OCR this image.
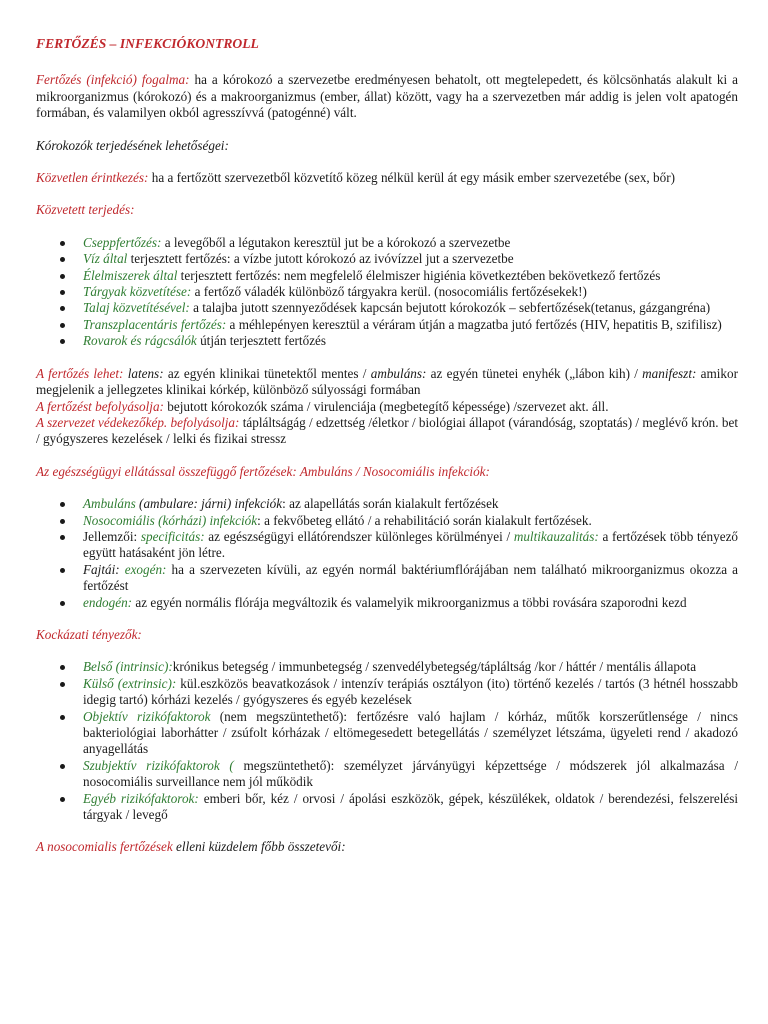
FERTŐZÉS – INFEKCIÓKONTROLL

Fertőzés (infekció) fogalma: ha a kórokozó a szervezetbe eredményesen behatolt, ott megtelepedett, és kölcsönhatás alakult ki a mikroorganizmus (kórokozó) és a makroorganizmus (ember, állat) között, vagy ha a szervezetben már addig is jelen volt apatogén formában, és valamilyen okból agresszívvá (patogénné) vált.

Kórokozók terjedésének lehetőségei:

Közvetlen érintkezés: ha a fertőzött szervezetből közvetítő közeg nélkül kerül át egy másik ember szervezetébe (sex, bőr)

Közvetett terjedés:

Cseppfertőzés: a levegőből a légutakon keresztül jut be a kórokozó a szervezetbe
Víz által terjesztett fertőzés: a vízbe jutott kórokozó az ivóvízzel jut a szervezetbe
Élelmiszerek által terjesztett fertőzés: nem megfelelő élelmiszer higiénia következtében bekövetkező fertőzés
Tárgyak közvetítése: a fertőző váladék különböző tárgyakra kerül. (nosocomiális fertőzésekek!)
Talaj közvetítésével: a talajba jutott szennyeződések kapcsán bejutott kórokozók – sebfertőzések(tetanus, gázgangréna)
Transzplacentáris fertőzés: a méhlepényen keresztül a véráram útján a magzatba jutó fertőzés (HIV, hepatitis B, szifilisz)
Rovarok és rágcsálók útján terjesztett fertőzés

A fertőzés lehet: latens: az egyén klinikai tünetektől mentes / ambuláns: az egyén tünetei enyhék („lábon kih) / manifeszt: amikor megjelenik a jellegzetes klinikai kórkép, különböző súlyossági formában

A fertőzést befolyásolja: bejutott kórokozók száma / virulenciája (megbetegítő képessége) /szervezet akt. áll.

A szervezet védekezőkép. befolyásolja: tápláltságág / edzettség /életkor / biológiai állapot (várandóság, szoptatás) / meglévő krón. bet / gyógyszeres kezelések / lelki és fizikai stressz

Az egészségügyi ellátással összefüggő fertőzések: Ambuláns / Nosocomiális infekciók:

Ambuláns (ambulare: járni) infekciók: az alapellátás során kialakult fertőzések
Nosocomiális (kórházi) infekciók: a fekvőbeteg ellátó / a rehabilitáció során kialakult fertőzések.
Jellemzői: specificitás: az egészségügyi ellátórendszer különleges körülményei / multikauzalitás: a fertőzések több tényező együtt hatásaként jön létre.
Fajtái: exogén: ha a szervezeten kívüli, az egyén normál baktériumflórájában nem található mikroorganizmus okozza a fertőzést
endogén: az egyén normális flórája megváltozik és valamelyik mikroorganizmus a többi rovására szaporodni kezd

Kockázati tényezők:

Belső (intrinsic):krónikus betegség / immunbetegség / szenvedélybetegség/tápláltság /kor / háttér / mentális állapota
Külső (extrinsic): kül.eszközös beavatkozások / intenzív terápiás osztályon (ito) történő kezelés / tartós (3 hétnél hosszabb idegig tartó) kórházi kezelés / gyógyszeres és egyéb kezelések
Objektív rizikófaktorok (nem megszüntethető): fertőzésre való hajlam / kórház, műtők korszerűtlensége / nincs bakteriológiai laborhátter / zsúfolt kórházak / eltömegesedett betegellátás / személyzet létszáma, ügyeleti rend / akadozó anyagellátás
Szubjektív rizikófaktorok ( megszüntethető): személyzet járványügyi képzettsége / módszerek jól alkalmazása / nosocomiális surveillance nem jól működik
Egyéb rizikófaktorok: emberi bőr, kéz / orvosi / ápolási eszközök, gépek, készülékek, oldatok / berendezési, felszerelési tárgyak / levegő

A nosocomialis fertőzések elleni küzdelem főbb összetevői:
